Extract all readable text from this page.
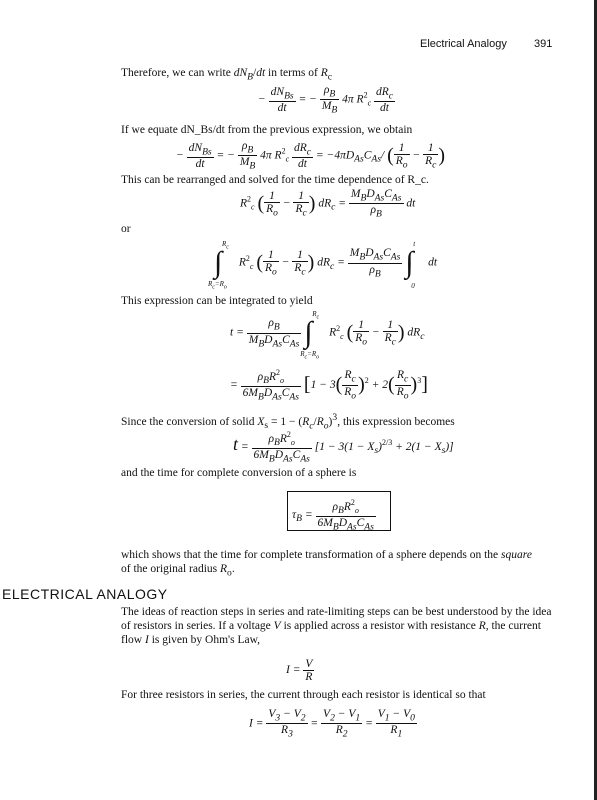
Electrical Analogy 391
Therefore, we can write $dN_B/dt$ in terms of $R_c$
− $\frac{dN_{Bs}}{dt}$ = − $\frac{\rho_B}{M_B} 4\pi$ $R^2_c \frac{dR_c}{dt}$
If we equate dN_Bs/dt from the previous expression, we obtain
− $\frac{dN_{Bs}}{dt}$ = − $\frac{\rho_B}{M_B} 4\pi$ $R^2_c \frac{dR_c}{dt} = -4\pi D_{As}C_{As}/$ ( $\frac{1}{R_o} - \frac{1}{R_c}$ )
This can be rearranged and solved for the time dependence of R_c.
$R^2_c$ ( $\frac{1}{R_o} - \frac{1}{R_c}$ ) $dR_c = \frac{M_BD_{As}C_{As}}{\rho_B}$ dt
or
$R_c$
∫
$R_c=R_o$
$R^2_c$ ( $\frac{1}{R_o} - \frac{1}{R_c}$ ) $dR_c = \frac{M_BD_{As}C_{As}}{\rho_B}$

t
∫
0
dt
This expression can be integrated to yield
$t = \frac{\rho_B}{M_BD_{As}C_{As}}$

$R_c$
∫
$R_c=R_o$
$R^2_c$ ( $\frac{1}{R_o} - \frac{1}{R_c}$ ) $dR_c$
= $\frac{\rho_BR^2_o}{6M_BD_{As}C_{As}} [1 - 3( \frac{R_c}{R_o} )^2 + 2( \frac{R_c}{R_o} )^3]$
Since the conversion of solid $X_s = 1 - (R_c/R_o)^3$, this expression becomes
$t = \frac{\rho_BR^2_o}{6M_BD_{As}C_{As}} [1 - 3(1 - X_s)^{2/3} + 2(1 - X_s)]$
and the time for complete conversion of a sphere is
$\tau_B = \frac{\rho_BR^2_o}{6M_BD_{As}C_{As}}$
which shows that the time for complete transformation of a sphere depends on the square
of the original radius $R_o$.
ELECTRICAL ANALOGY
The ideas of reaction steps in series and rate-limiting steps can be best understood by the idea of resistors in series. If a voltage V is applied across a resistor with resistance R, the current flow I is given by Ohm's Law,
$I = \frac{V}{R}$
For three resistors in series, the current through each resistor is identical so that
$I = \frac{V_3 - V_2}{R_3} = \frac{V_2 - V_1}{R_2} = \frac{V_1 - V_0}{R_1}$
